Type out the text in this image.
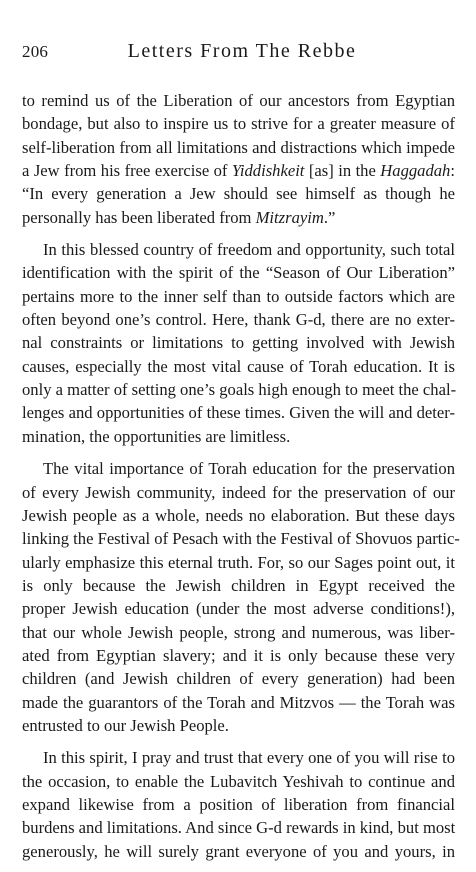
206	Letters From The Rebbe
to remind us of the Liberation of our ancestors from Egyptian
bondage, but also to inspire us to strive for a greater measure of
self-liberation from all limitations and distractions which impede
a Jew from his free exercise of Yiddishkeit [as] in the Haggadah:
“In every generation a Jew should see himself as though he
personally has been liberated from Mitzrayim.”
In this blessed country of freedom and opportunity, such total
identification with the spirit of the “Season of Our Liberation”
pertains more to the inner self than to outside factors which are
often beyond one’s control. Here, thank G-d, there are no exter-
nal constraints or limitations to getting involved with Jewish
causes, especially the most vital cause of Torah education. It is
only a matter of setting one’s goals high enough to meet the chal-
lenges and opportunities of these times. Given the will and deter-
mination, the opportunities are limitless.
The vital importance of Torah education for the preservation
of every Jewish community, indeed for the preservation of our
Jewish people as a whole, needs no elaboration. But these days
linking the Festival of Pesach with the Festival of Shovuos partic-
ularly emphasize this eternal truth. For, so our Sages point out, it
is only because the Jewish children in Egypt received the
proper Jewish education (under the most adverse conditions!),
that our whole Jewish people, strong and numerous, was liber-
ated from Egyptian slavery; and it is only because these very
children (and Jewish children of every generation) had been
made the guarantors of the Torah and Mitzvos — the Torah was
entrusted to our Jewish People.
In this spirit, I pray and trust that every one of you will rise to
the occasion, to enable the Lubavitch Yeshivah to continue and
expand likewise from a position of liberation from financial
burdens and limitations. And since G-d rewards in kind, but most
generously, he will surely grant everyone of you and yours, in
